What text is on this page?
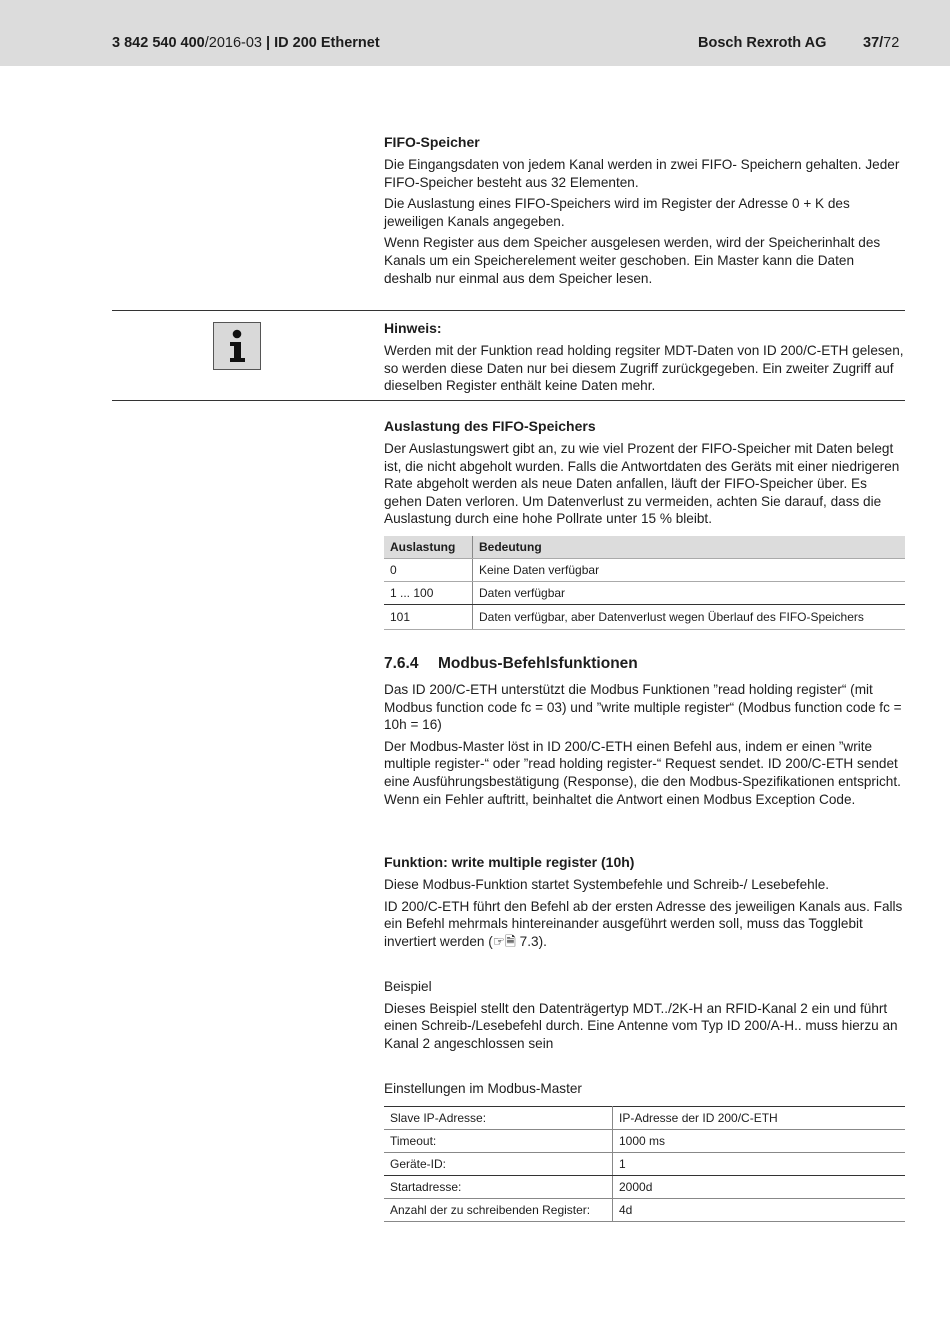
3 842 540 400/2016-03 | ID 200 Ethernet	Bosch Rexroth AG	37/72
FIFO-Speicher

Die Eingangsdaten von jedem Kanal werden in zwei FIFO- Speichern gehalten. Jeder FIFO-Speicher besteht aus 32 Elementen.

Die Auslastung eines FIFO-Speichers wird im Register der Adresse 0 + K des jeweiligen Kanals angegeben.

Wenn Register aus dem Speicher ausgelesen werden, wird der Speicherinhalt des Kanals um ein Speicherelement weiter geschoben. Ein Master kann die Daten deshalb nur einmal aus dem Speicher lesen.

Hinweis:

Werden mit der Funktion read holding regsiter MDT-Daten von ID 200/C-ETH gelesen, so werden diese Daten nur bei diesem Zugriff zurückgegeben. Ein zweiter Zugriff auf dieselben Register enthält keine Daten mehr.

Auslastung des FIFO-Speichers

Der Auslastungswert gibt an, zu wie viel Prozent der FIFO-Speicher mit Daten belegt ist, die nicht abgeholt wurden. Falls die Antwortdaten des Geräts mit einer niedrigeren Rate abgeholt werden als neue Daten anfallen, läuft der FIFO-Speicher über. Es gehen Daten verloren. Um Datenverlust zu vermeiden, achten Sie darauf, dass die Auslastung durch eine hohe Pollrate unter 15 % bleibt.

Auslastung	Bedeutung
0	Keine Daten verfügbar
1 ... 100	Daten verfügbar
101	Daten verfügbar, aber Datenverlust wegen Überlauf des FIFO-Speichers
7.6.4 Modbus-Befehlsfunktionen

Das ID 200/C-ETH unterstützt die Modbus Funktionen ”read holding register“ (mit Modbus function code fc = 03) und ”write multiple register“ (Modbus function code fc = 10h = 16)

Der Modbus-Master löst in ID 200/C-ETH einen Befehl aus, indem er einen ”write multiple register-“ oder ”read holding register-“ Request sendet. ID 200/C-ETH sendet eine Ausführungsbestätigung (Response), die den Modbus-Spezifikationen entspricht. Wenn ein Fehler auftritt, beinhaltet die Antwort einen Modbus Exception Code.

Funktion: write multiple register (10h)

Diese Modbus-Funktion startet Systembefehle und Schreib-/ Lesebefehle.

ID 200/C-ETH führt den Befehl ab der ersten Adresse des jeweiligen Kanals aus. Falls ein Befehl mehrmals hintereinander ausgeführt werden soll, muss das Togglebit invertiert werden (☞🗎 7.3).

Beispiel

Dieses Beispiel stellt den Datenträgertyp MDT../2K-H an RFID-Kanal 2 ein und führt einen Schreib-/Lesebefehl durch. Eine Antenne vom Typ ID 200/A-H.. muss hierzu an Kanal 2 angeschlossen sein

Einstellungen im Modbus-Master

Slave IP-Adresse:	IP-Adresse der ID 200/C-ETH
Timeout:	1000 ms
Geräte-ID:	1
Startadresse:	2000d
Anzahl der zu schreibenden Register:	4d
